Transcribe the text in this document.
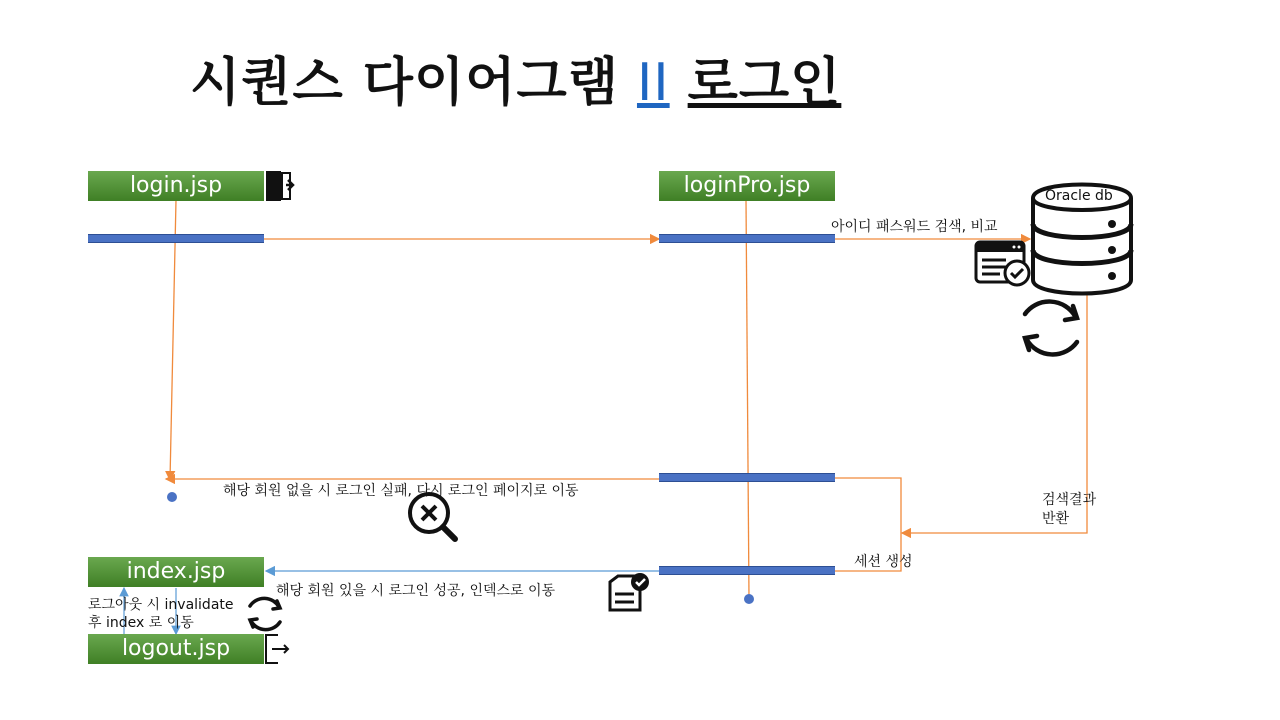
시퀀스 다이어그램 II 로그인
login.jsp	loginPro.jsp
index.jsp
logout.jsp
Oracle db
아이디 패스워드 검색, 비교
검색결과
반환
세션 생성
해당 회원 없을 시 로그인 실패, 다시 로그인 페이지로 이동
해당 회원 있을 시 로그인 성공, 인덱스로 이동
로그아웃 시 invalidate
후 index 로 이동
